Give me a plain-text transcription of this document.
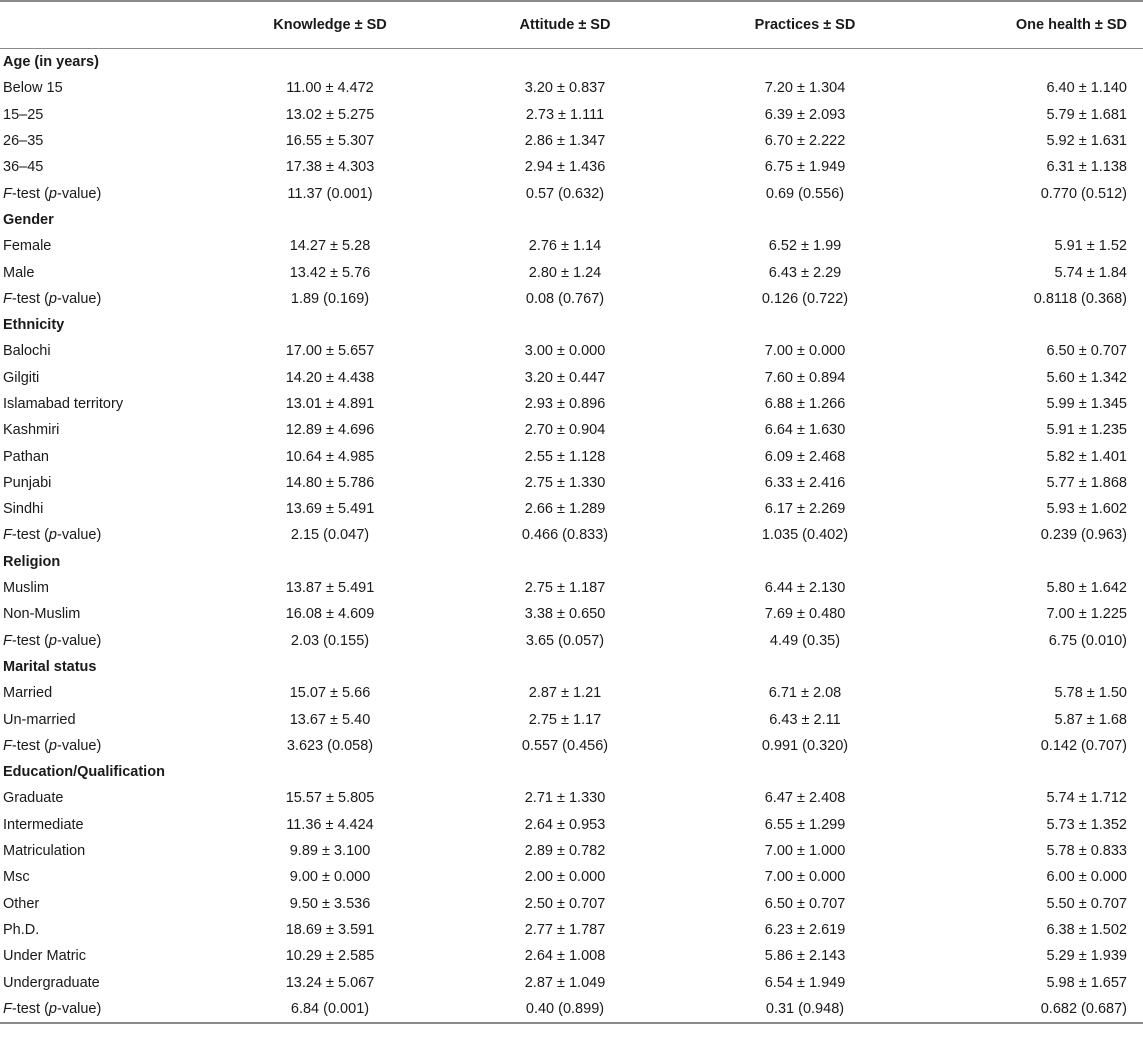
	Knowledge ± SD	Attitude ± SD	Practices ± SD	One health ± SD
Age (in years)				
Below 15	11.00 ± 4.472	3.20 ± 0.837	7.20 ± 1.304	6.40 ± 1.140
15–25	13.02 ± 5.275	2.73 ± 1.111	6.39 ± 2.093	5.79 ± 1.681
26–35	16.55 ± 5.307	2.86 ± 1.347	6.70 ± 2.222	5.92 ± 1.631
36–45	17.38 ± 4.303	2.94 ± 1.436	6.75 ± 1.949	6.31 ± 1.138
F-test (p-value)	11.37 (0.001)	0.57 (0.632)	0.69 (0.556)	0.770 (0.512)
Gender				
Female	14.27 ± 5.28	2.76 ± 1.14	6.52 ± 1.99	5.91 ± 1.52
Male	13.42 ± 5.76	2.80 ± 1.24	6.43 ± 2.29	5.74 ± 1.84
F-test (p-value)	1.89 (0.169)	0.08 (0.767)	0.126 (0.722)	0.8118 (0.368)
Ethnicity				
Balochi	17.00 ± 5.657	3.00 ± 0.000	7.00 ± 0.000	6.50 ± 0.707
Gilgiti	14.20 ± 4.438	3.20 ± 0.447	7.60 ± 0.894	5.60 ± 1.342
Islamabad territory	13.01 ± 4.891	2.93 ± 0.896	6.88 ± 1.266	5.99 ± 1.345
Kashmiri	12.89 ± 4.696	2.70 ± 0.904	6.64 ± 1.630	5.91 ± 1.235
Pathan	10.64 ± 4.985	2.55 ± 1.128	6.09 ± 2.468	5.82 ± 1.401
Punjabi	14.80 ± 5.786	2.75 ± 1.330	6.33 ± 2.416	5.77 ± 1.868
Sindhi	13.69 ± 5.491	2.66 ± 1.289	6.17 ± 2.269	5.93 ± 1.602
F-test (p-value)	2.15 (0.047)	0.466 (0.833)	1.035 (0.402)	0.239 (0.963)
Religion				
Muslim	13.87 ± 5.491	2.75 ± 1.187	6.44 ± 2.130	5.80 ± 1.642
Non-Muslim	16.08 ± 4.609	3.38 ± 0.650	7.69 ± 0.480	7.00 ± 1.225
F-test (p-value)	2.03 (0.155)	3.65 (0.057)	4.49 (0.35)	6.75 (0.010)
Marital status				
Married	15.07 ± 5.66	2.87 ± 1.21	6.71 ± 2.08	5.78 ± 1.50
Un-married	13.67 ± 5.40	2.75 ± 1.17	6.43 ± 2.11	5.87 ± 1.68
F-test (p-value)	3.623 (0.058)	0.557 (0.456)	0.991 (0.320)	0.142 (0.707)
Education/Qualification				
Graduate	15.57 ± 5.805	2.71 ± 1.330	6.47 ± 2.408	5.74 ± 1.712
Intermediate	11.36 ± 4.424	2.64 ± 0.953	6.55 ± 1.299	5.73 ± 1.352
Matriculation	9.89 ± 3.100	2.89 ± 0.782	7.00 ± 1.000	5.78 ± 0.833
Msc	9.00 ± 0.000	2.00 ± 0.000	7.00 ± 0.000	6.00 ± 0.000
Other	9.50 ± 3.536	2.50 ± 0.707	6.50 ± 0.707	5.50 ± 0.707
Ph.D.	18.69 ± 3.591	2.77 ± 1.787	6.23 ± 2.619	6.38 ± 1.502
Under Matric	10.29 ± 2.585	2.64 ± 1.008	5.86 ± 2.143	5.29 ± 1.939
Undergraduate	13.24 ± 5.067	2.87 ± 1.049	6.54 ± 1.949	5.98 ± 1.657
F-test (p-value)	6.84 (0.001)	0.40 (0.899)	0.31 (0.948)	0.682 (0.687)
